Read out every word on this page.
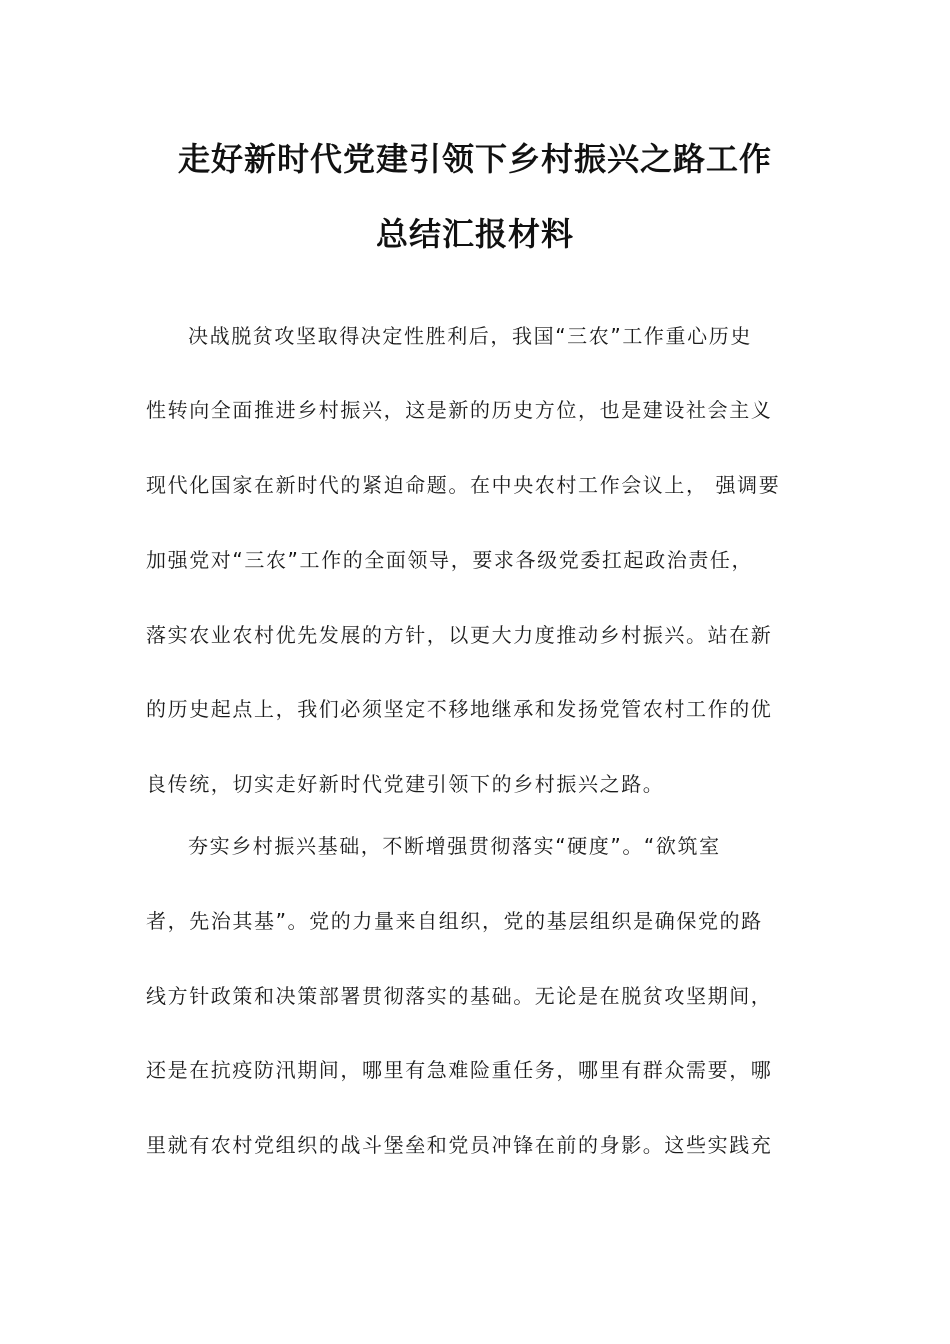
走好新时代党建引领下乡村振兴之路工作
总结汇报材料

决战脱贫攻坚取得决定性胜利后，我国“三农”工作重心历史

性转向全面推进乡村振兴，这是新的历史方位，也是建设社会主义

现代化国家在新时代的紧迫命题。在中央农村工作会议上， 强调要

加强党对“三农”工作的全面领导，要求各级党委扛起政治责任，

落实农业农村优先发展的方针，以更大力度推动乡村振兴。站在新

的历史起点上，我们必须坚定不移地继承和发扬党管农村工作的优

良传统，切实走好新时代党建引领下的乡村振兴之路。

夯实乡村振兴基础，不断增强贯彻落实“硬度”。“欲筑室

者，先治其基”。党的力量来自组织，党的基层组织是确保党的路

线方针政策和决策部署贯彻落实的基础。无论是在脱贫攻坚期间，

还是在抗疫防汛期间，哪里有急难险重任务，哪里有群众需要，哪

里就有农村党组织的战斗堡垒和党员冲锋在前的身影。这些实践充
